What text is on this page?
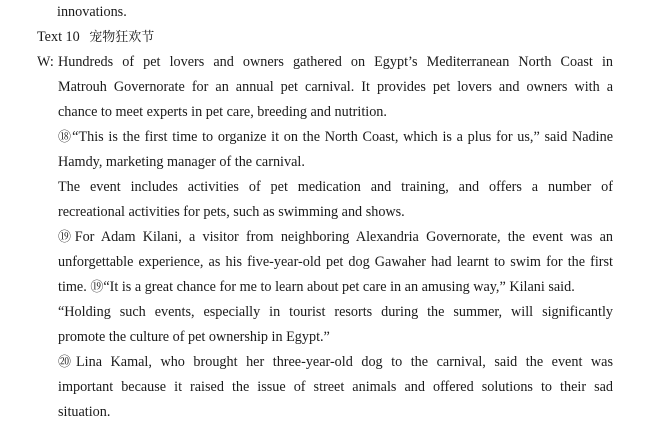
innovations.
Text 10 宠物狂欢节
W: Hundreds of pet lovers and owners gathered on Egypt’s Mediterranean North Coast in
Matrouh Governorate for an annual pet carnival. It provides pet lovers and owners with a
chance to meet experts in pet care, breeding and nutrition.
⑱“This is the first time to organize it on the North Coast, which is a plus for us,” said Nadine
Hamdy, marketing manager of the carnival.
The event includes activities of pet medication and training, and offers a number of
recreational activities for pets, such as swimming and shows.
⑲For Adam Kilani, a visitor from neighboring Alexandria Governorate, the event was an
unforgettable experience, as his five-year-old pet dog Gawaher had learnt to swim for the first
time. ⑲“It is a great chance for me to learn about pet care in an amusing way,” Kilani said.
“Holding such events, especially in tourist resorts during the summer, will significantly
promote the culture of pet ownership in Egypt.”
⑳Lina Kamal, who brought her three-year-old dog to the carnival, said the event was
important because it raised the issue of street animals and offered solutions to their sad
situation.
